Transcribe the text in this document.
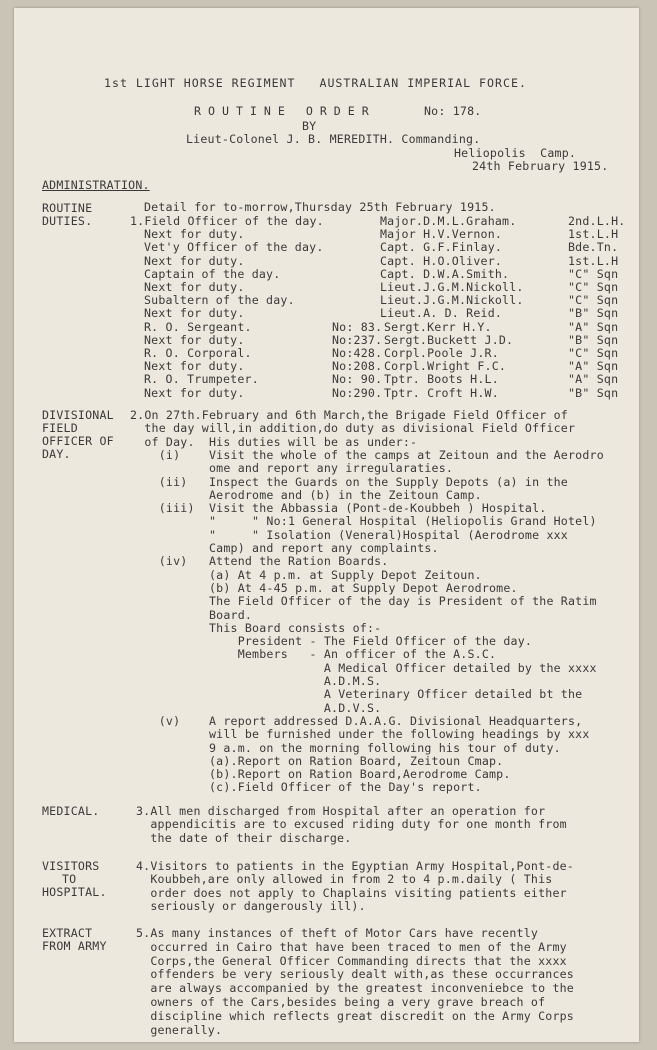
1st LIGHT HORSE REGIMENT   AUSTRALIAN IMPERIAL FORCE.
ROUTINE ORDER	No: 178.
BY
Lieut-Colonel J. B. MEREDITH. Commanding.
Heliopolis  Camp.
24th February 1915.
ADMINISTRATION.
ROUTINE
DUTIES.
Detail for to-morrow,Thursday 25th February 1915.
1.Field Officer of the day.	Major.D.M.L.Graham.	2nd.L.H.
Next for duty.	Major H.V.Vernon.	1st.L.H
Vet'y Officer of the day.	Capt. G.F.Finlay.	Bde.Tn.
Next for duty.	Capt. H.O.Oliver.	1st.L.H
Captain of the day.	Capt. D.W.A.Smith.	"C" Sqn
Next for duty.	Lieut.J.G.M.Nickoll.	"C" Sqn
Subaltern of the day.	Lieut.J.G.M.Nickoll.	"C" Sqn
Next for duty.	Lieut.A. D. Reid.	"B" Sqn
R. O. Sergeant.	No: 83. Sergt.Kerr H.Y.	"A" Sqn
Next for duty.	No:237. Sergt.Buckett J.D.	"B" Sqn
R. O. Corporal.	No:428. Corpl.Poole J.R.	"C" Sqn
Next for duty.	No:208. Corpl.Wright F.C.	"A" Sqn
R. O. Trumpeter.	No: 90. Tptr. Boots H.L.	"A" Sqn
Next for duty.	No:290. Tptr. Croft H.W.	"B" Sqn
DIVISIONAL
FIELD
OFFICER OF
DAY.
2.On 27th.February and 6th March,the Brigade Field Officer of
the day will,in addition,do duty as divisional Field Officer
of Day.  His duties will be as under:-
(i)    Visit the whole of the camps at Zeitoun and the Aerodro
ome and report any irregularaties.
(ii)   Inspect the Guards on the Supply Depots (a) in the
Aerodrome and (b) in the Zeitoun Camp.
(iii)  Visit the Abbassia (Pont-de-Koubbeh ) Hospital.
"     " No:1 General Hospital (Heliopolis Grand Hotel)
"     " Isolation (Veneral)Hospital (Aerodrome xxx
Camp) and report any complaints.
(iv)   Attend the Ration Boards.
(a) At 4 p.m. at Supply Depot Zeitoun.
(b) At 4-45 p.m. at Supply Depot Aerodrome.
The Field Officer of the day is President of the Ratim
Board.
This Board consists of:-
President - The Field Officer of the day.
Members   - An officer of the A.S.C.
A Medical Officer detailed by the xxxx
A.D.M.S.
A Veterinary Officer detailed bt the
A.D.V.S.
(v)    A report addressed D.A.A.G. Divisional Headquarters,
will be furnished under the following headings by xxx
9 a.m. on the morning following his tour of duty.
(a).Report on Ration Board, Zeitoun Cmap.
(b).Report on Ration Board,Aerodrome Camp.
(c).Field Officer of the Day's report.
MEDICAL.	3.All men discharged from Hospital after an operation for
appendicitis are to excused riding duty for one month from
the date of their discharge.
VISITORS
TO
HOSPITAL.
4.Visitors to patients in the Egyptian Army Hospital,Pont-de-
Koubbeh,are only allowed in from 2 to 4 p.m.daily ( This
order does not apply to Chaplains visiting patients either
seriously or dangerously ill).
EXTRACT
FROM ARMY
5.As many instances of theft of Motor Cars have recently
occurred in Cairo that have been traced to men of the Army
Corps,the General Officer Commanding directs that the xxxx
offenders be very seriously dealt with,as these occurrances
are always accompanied by the greatest inconveniebce to the
owners of the Cars,besides being a very grave breach of
discipline which reflects great discredit on the Army Corps
generally.
